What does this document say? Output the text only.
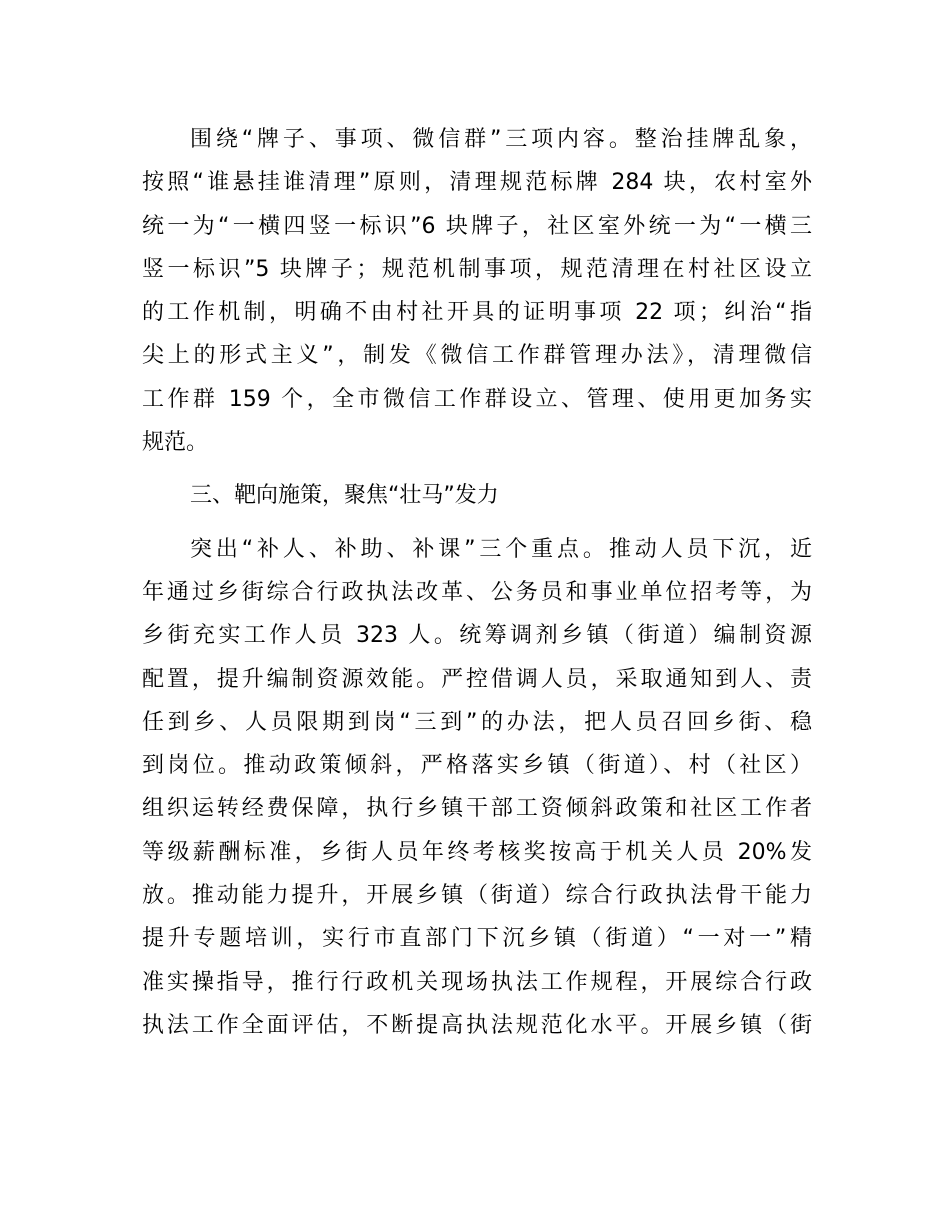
围绕“牌子、事项、微信群”三项内容。整治挂牌乱象，
按照“谁悬挂谁清理”原则，清理规范标牌 284 块，农村室外
统一为“一横四竖一标识”6 块牌子，社区室外统一为“一横三
竖一标识”5 块牌子；规范机制事项，规范清理在村社区设立
的工作机制，明确不由村社开具的证明事项 22 项；纠治“指
尖上的形式主义”，制发《微信工作群管理办法》，清理微信
工作群 159 个，全市微信工作群设立、管理、使用更加务实
规范。
三、靶向施策，聚焦“壮马”发力
突出“补人、补助、补课”三个重点。推动人员下沉，近
年通过乡街综合行政执法改革、公务员和事业单位招考等，为
乡街充实工作人员 323 人。统筹调剂乡镇（街道）编制资源
配置，提升编制资源效能。严控借调人员，采取通知到人、责
任到乡、人员限期到岗“三到”的办法，把人员召回乡街、稳
到岗位。推动政策倾斜，严格落实乡镇（街道）、村（社区）
组织运转经费保障，执行乡镇干部工资倾斜政策和社区工作者
等级薪酬标准，乡街人员年终考核奖按高于机关人员 20%发
放。推动能力提升，开展乡镇（街道）综合行政执法骨干能力
提升专题培训，实行市直部门下沉乡镇（街道）“一对一”精
准实操指导，推行行政机关现场执法工作规程，开展综合行政
执法工作全面评估，不断提高执法规范化水平。开展乡镇（街
